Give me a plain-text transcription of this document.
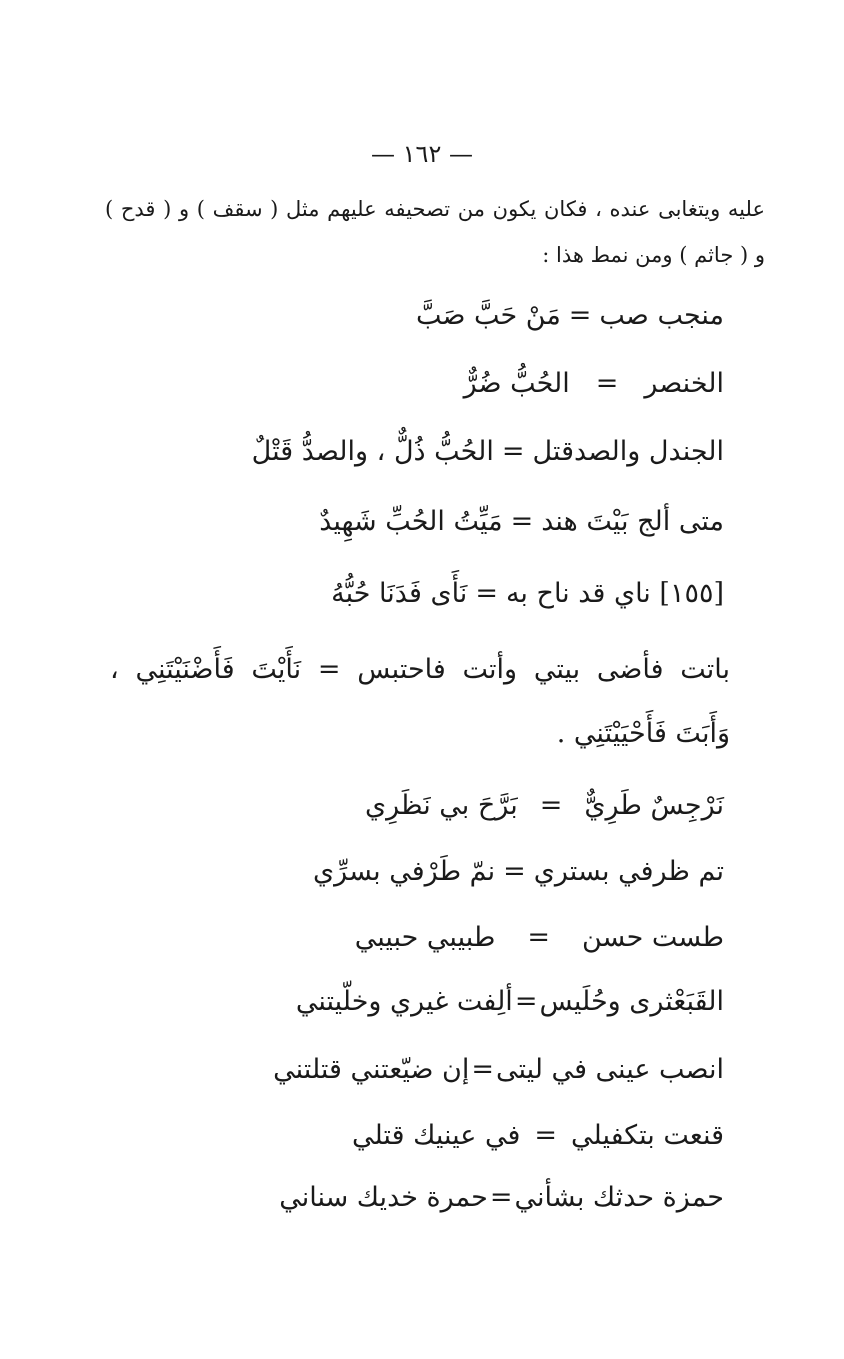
— ١٦٢ —
عليه ويتغابى عنده ، فكان يكون من تصحيفه عليهم مثل ( سقف ) و ( قدح )
و ( جاثم ) ومن نمط هذا :
منجب صب=مَنْ حَبَّ صَبَّ
الخنصر=الحُبُّ ضُرٌّ
الجندل والصدقتل=الحُبُّ ذُلٌّ ، والصدُّ قَتْلٌ
متى ألج بَيْتَ هند=مَيِّتُ الحُبِّ شَهِيدٌ
[١٥٥] ناي قد ناح به=نَأَى فَدَنَا حُبُّهُ
باتت فأضى بيتي وأتت فاحتبس = نَأَيْتَ فَأَضْنَيْتَنِي ،
وَأَبَتَ فَأَحْيَيْتَنِي .
نَرْجِسٌ طَرِيٌّ=بَرَّحَ بي نَظَرِي
تم ظرفي بستري=نمّ طَرْفي بسرِّي
طست حسن=طبيبي حبيبي
القَبَعْثرى وحُلَيس=ألِفت غيري وخلّيتني
انصب عينى في ليتى=إن ضيّعتني قتلتني
قنعت بتكفيلي=في عينيك قتلي
حمزة حدثك بشأني=حمرة خديك سناني
